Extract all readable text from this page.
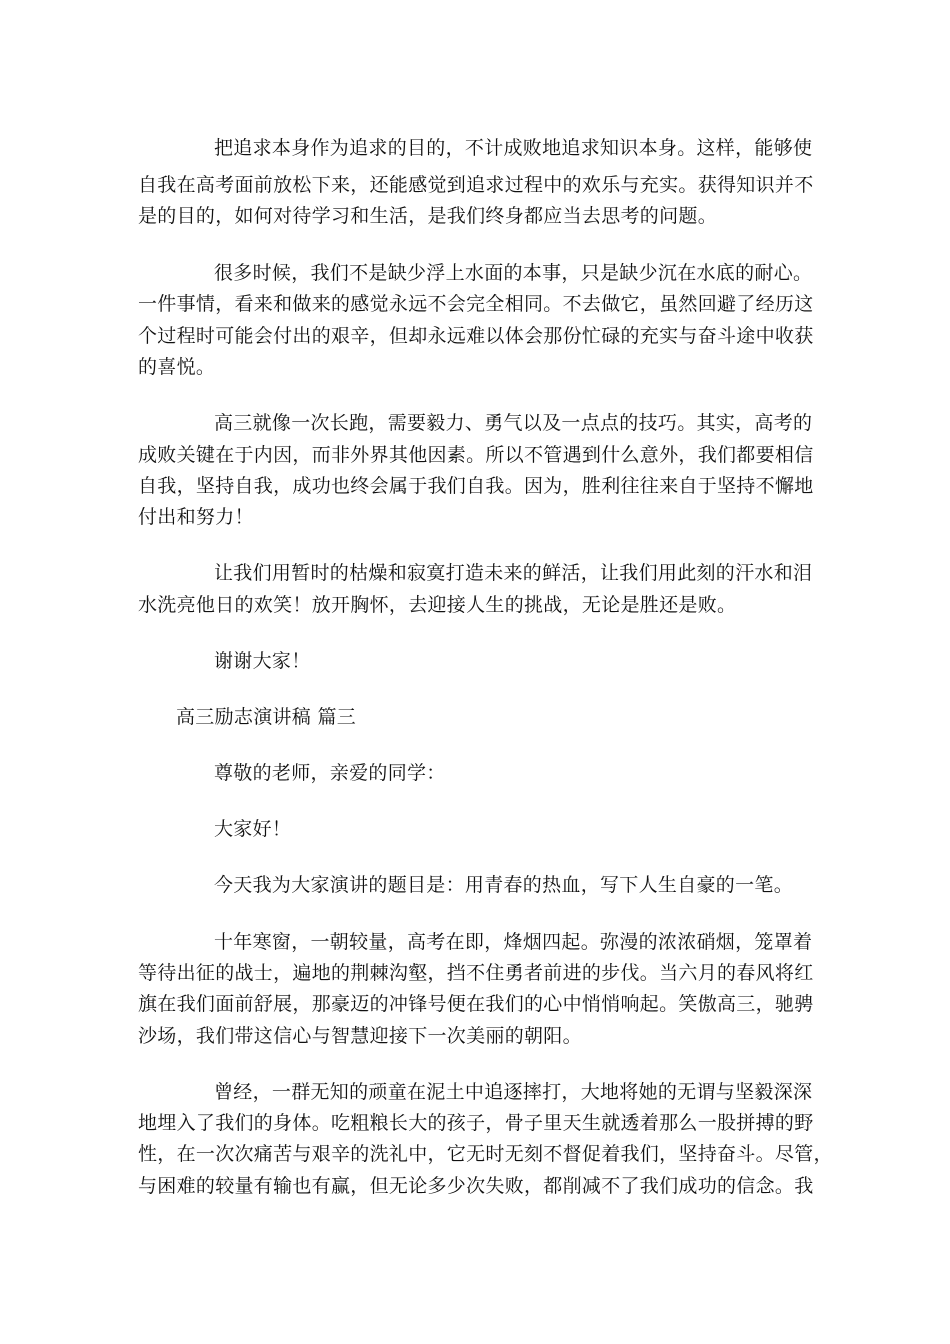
把追求本身作为追求的目的，不计成败地追求知识本身。这样，能够使
自我在高考面前放松下来，还能感觉到追求过程中的欢乐与充实。获得知识并不
是的目的，如何对待学习和生活，是我们终身都应当去思考的问题。
很多时候，我们不是缺少浮上水面的本事，只是缺少沉在水底的耐心。
一件事情，看来和做来的感觉永远不会完全相同。不去做它，虽然回避了经历这
个过程时可能会付出的艰辛，但却永远难以体会那份忙碌的充实与奋斗途中收获
的喜悦。
高三就像一次长跑，需要毅力、勇气以及一点点的技巧。其实，高考的
成败关键在于内因，而非外界其他因素。所以不管遇到什么意外，我们都要相信
自我，坚持自我，成功也终会属于我们自我。因为，胜利往往来自于坚持不懈地
付出和努力！
让我们用暂时的枯燥和寂寞打造未来的鲜活，让我们用此刻的汗水和泪
水洗亮他日的欢笑！放开胸怀，去迎接人生的挑战，无论是胜还是败。
谢谢大家！
高三励志演讲稿 篇三
尊敬的老师，亲爱的同学：
大家好！
今天我为大家演讲的题目是：用青春的热血，写下人生自豪的一笔。
十年寒窗，一朝较量，高考在即，烽烟四起。弥漫的浓浓硝烟，笼罩着
等待出征的战士，遍地的荆棘沟壑，挡不住勇者前进的步伐。当六月的春风将红
旗在我们面前舒展，那豪迈的冲锋号便在我们的心中悄悄响起。笑傲高三，驰骋
沙场，我们带这信心与智慧迎接下一次美丽的朝阳。
曾经，一群无知的顽童在泥土中追逐摔打，大地将她的无谓与坚毅深深
地埋入了我们的身体。吃粗粮长大的孩子，骨子里天生就透着那么一股拼搏的野
性，在一次次痛苦与艰辛的洗礼中，它无时无刻不督促着我们，坚持奋斗。尽管，
与困难的较量有输也有赢，但无论多少次失败，都削减不了我们成功的信念。我
